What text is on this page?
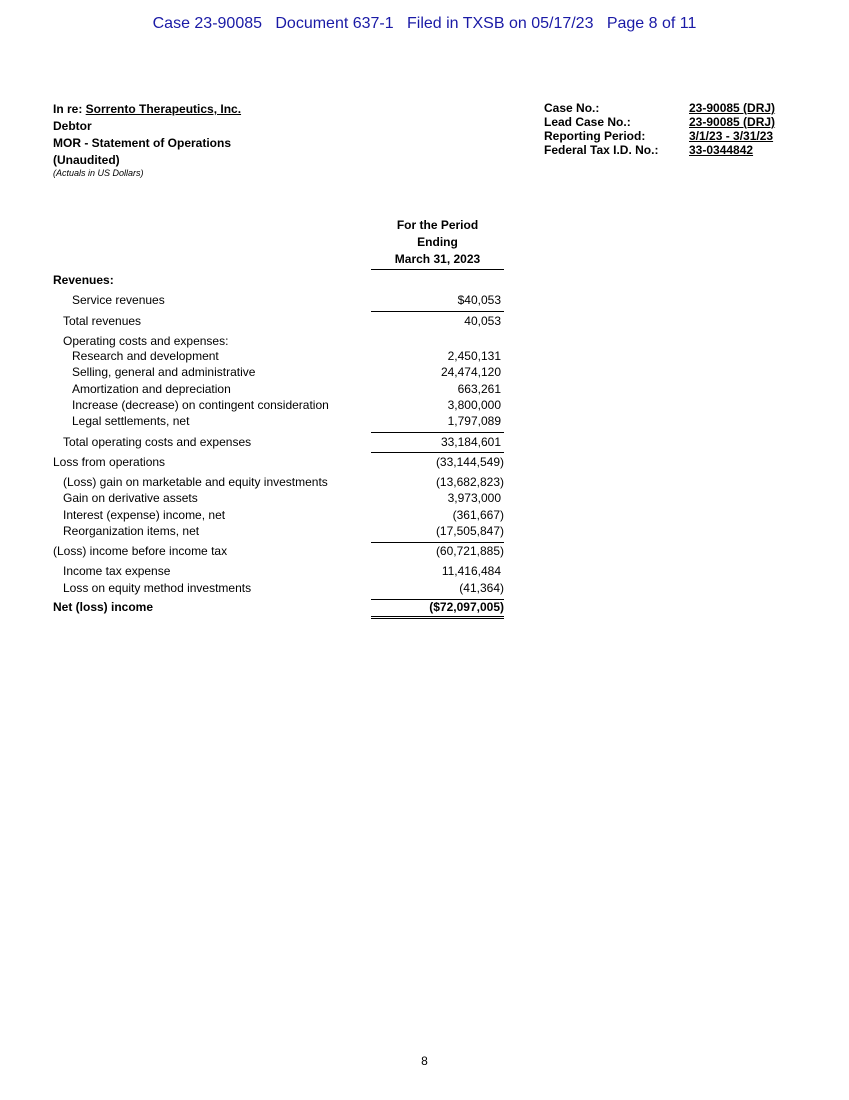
Case 23-90085   Document 637-1   Filed in TXSB on 05/17/23   Page 8 of 11
In re: Sorrento Therapeutics, Inc.
Debtor
MOR - Statement of Operations
(Unaudited)
(Actuals in US Dollars)
Case No.:	23-90085 (DRJ)
Lead Case No.:	23-90085 (DRJ)
Reporting Period:	3/1/23 - 3/31/23
Federal Tax I.D. No.:	33-0344842
For the Period
Ending
March 31, 2023
Revenues:
Service revenues	$40,053
Total revenues	40,053
Operating costs and expenses:
Research and development	2,450,131
Selling, general and administrative	24,474,120
Amortization and depreciation	663,261
Increase (decrease) on contingent consideration	3,800,000
Legal settlements, net	1,797,089
Total operating costs and expenses	33,184,601
Loss from operations	(33,144,549)
(Loss) gain on marketable and equity investments	(13,682,823)
Gain on derivative assets	3,973,000
Interest (expense) income, net	(361,667)
Reorganization items, net	(17,505,847)
(Loss) income before income tax	(60,721,885)
Income tax expense	11,416,484
Loss on equity method investments	(41,364)
Net (loss) income	($72,097,005)
8
